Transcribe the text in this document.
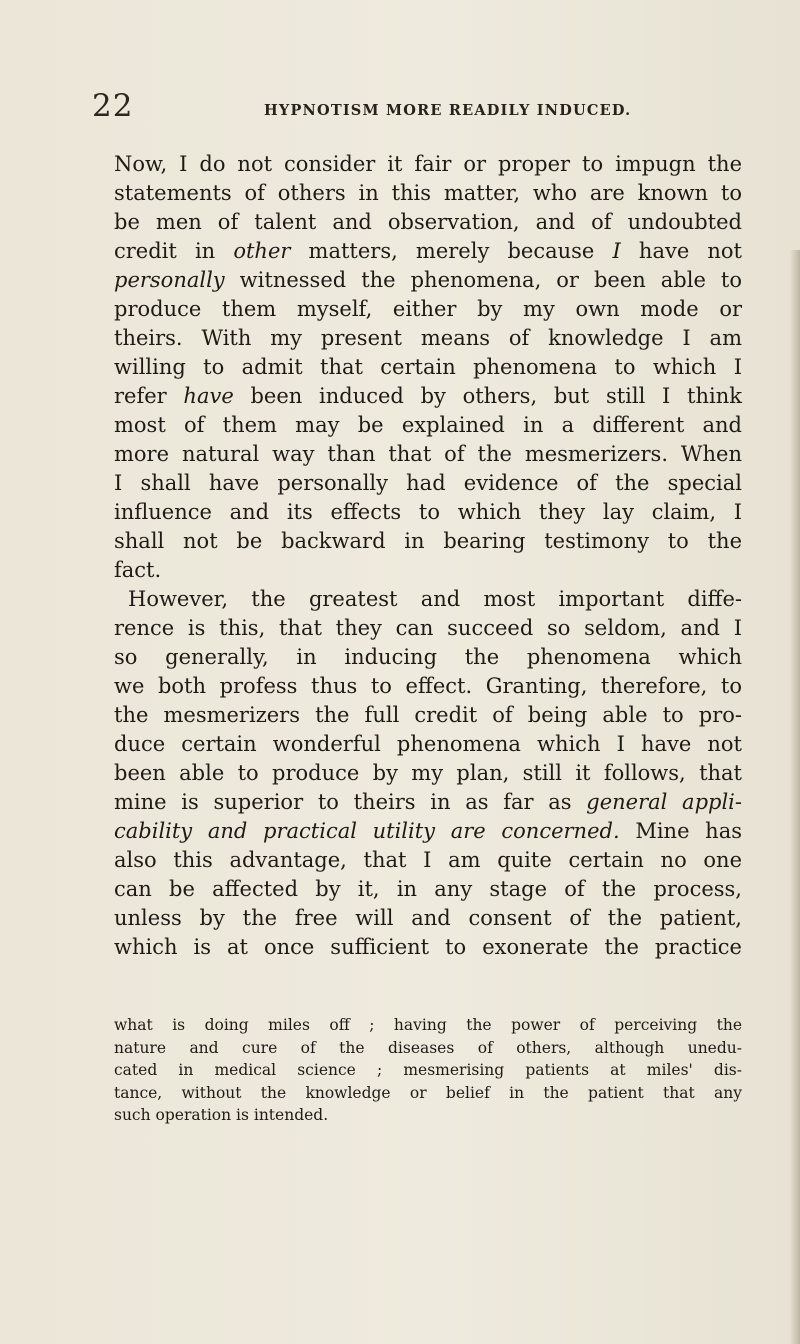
22	HYPNOTISM MORE READILY INDUCED.
Now, I do not consider it fair or proper to impugn the
statements of others in this matter, who are known to
be men of talent and observation, and of undoubted
credit in other matters, merely because I have not
personally witnessed the phenomena, or been able to
produce them myself, either by my own mode or
theirs. With my present means of knowledge I am
willing to admit that certain phenomena to which I
refer have been induced by others, but still I think
most of them may be explained in a different and
more natural way than that of the mesmerizers. When
I shall have personally had evidence of the special
influence and its effects to which they lay claim, I
shall not be backward in bearing testimony to the
fact.
However, the greatest and most important diffe-
rence is this, that they can succeed so seldom, and I
so generally, in inducing the phenomena which
we both profess thus to effect. Granting, therefore, to
the mesmerizers the full credit of being able to pro-
duce certain wonderful phenomena which I have not
been able to produce by my plan, still it follows, that
mine is superior to theirs in as far as general appli-
cability and practical utility are concerned. Mine has
also this advantage, that I am quite certain no one
can be affected by it, in any stage of the process,
unless by the free will and consent of the patient,
which is at once sufficient to exonerate the practice
what is doing miles off ; having the power of perceiving the
nature and cure of the diseases of others, although unedu-
cated in medical science ; mesmerising patients at miles' dis-
tance, without the knowledge or belief in the patient that any
such operation is intended.
